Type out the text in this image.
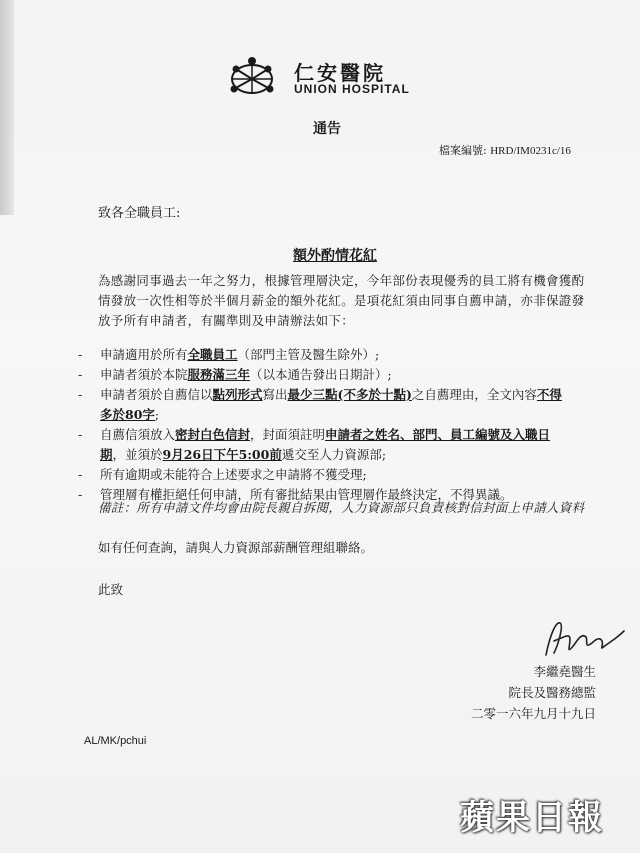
仁安醫院
UNION HOSPITAL
通告
檔案編號: HRD/IM0231c/16
致各全職員工:
額外酌情花紅
為感謝同事過去一年之努力，根據管理層決定，今年部份表現優秀的員工將有機會獲酌
情發放一次性相等於半個月薪金的額外花紅。是項花紅須由同事自薦申請，亦非保證發
放予所有申請者，有關準則及申請辦法如下：
- 申請適用於所有全職員工（部門主管及醫生除外）;
- 申請者須於本院服務滿三年（以本通告發出日期計）;
- 申請者須於自薦信以點列形式寫出最少三點(不多於十點)之自薦理由，全文內容不得
多於80字;
- 自薦信須放入密封白色信封，封面須註明申請者之姓名、部門、員工編號及入職日
期，並須於9月26日下午5:00前遞交至人力資源部;
- 所有逾期或未能符合上述要求之申請將不獲受理;
- 管理層有權拒絕任何申請，所有審批結果由管理層作最終決定，不得異議。
備註：所有申請文件均會由院長親自拆閱，人力資源部只負責核對信封面上申請人資料
如有任何查詢，請與人力資源部薪酬管理組聯絡。
此致
李繼堯醫生
院長及醫務總監
二零一六年九月十九日
AL/MK/pchui
蘋果日報
